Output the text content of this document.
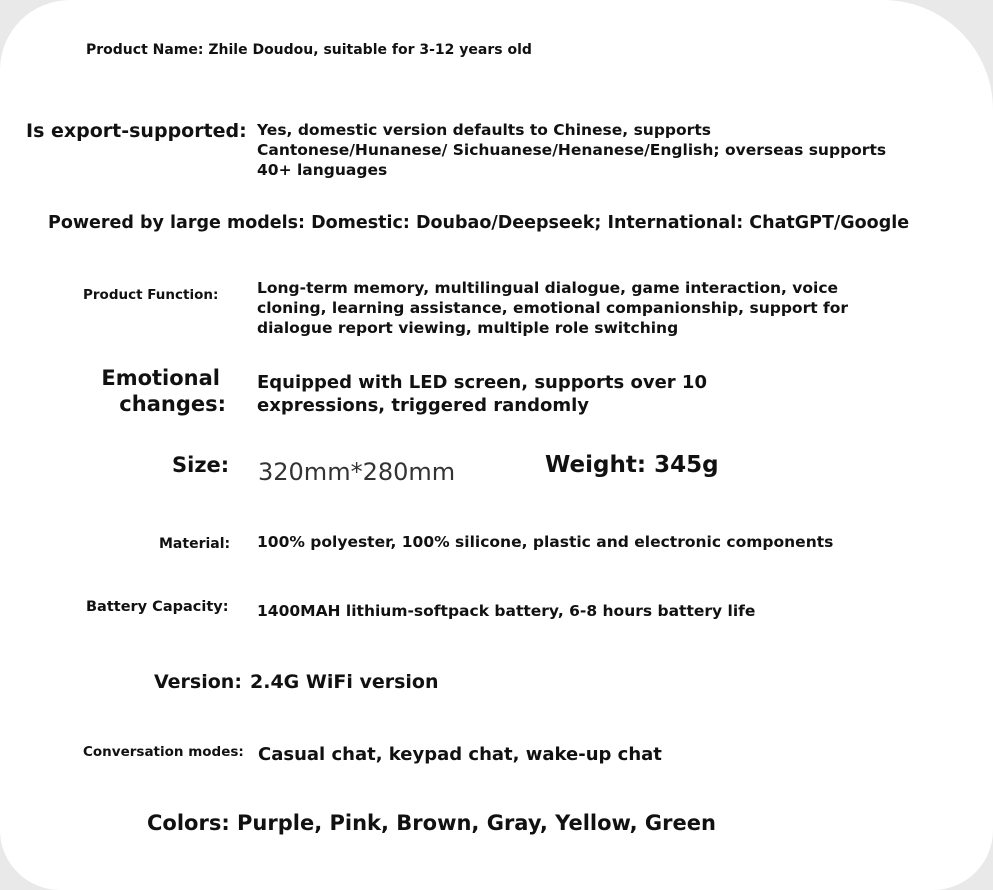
Product Name: Zhile Doudou, suitable for 3-12 years old

Is export-supported: Yes, domestic version defaults to Chinese, supports Cantonese/Hunanese/ Sichuanese/Henanese/English; overseas supports 40+ languages

Powered by large models: Domestic: Doubao/Deepseek; International: ChatGPT/Google

Product Function: Long-term memory, multilingual dialogue, game interaction, voice cloning, learning assistance, emotional companionship, support for dialogue report viewing, multiple role switching

Emotional

changes:

Equipped with LED screen, supports over 10

expressions, triggered randomly

Size: 320mm*280mm	Weight: 345g

Material: 100% polyester, 100% silicone, plastic and electronic components

Battery Capacity: 1400MAH lithium-softpack battery, 6-8 hours battery life

Version: 2.4G WiFi version

Conversation modes: Casual chat, keypad chat, wake-up chat

Colors: Purple, Pink, Brown, Gray, Yellow, Green
